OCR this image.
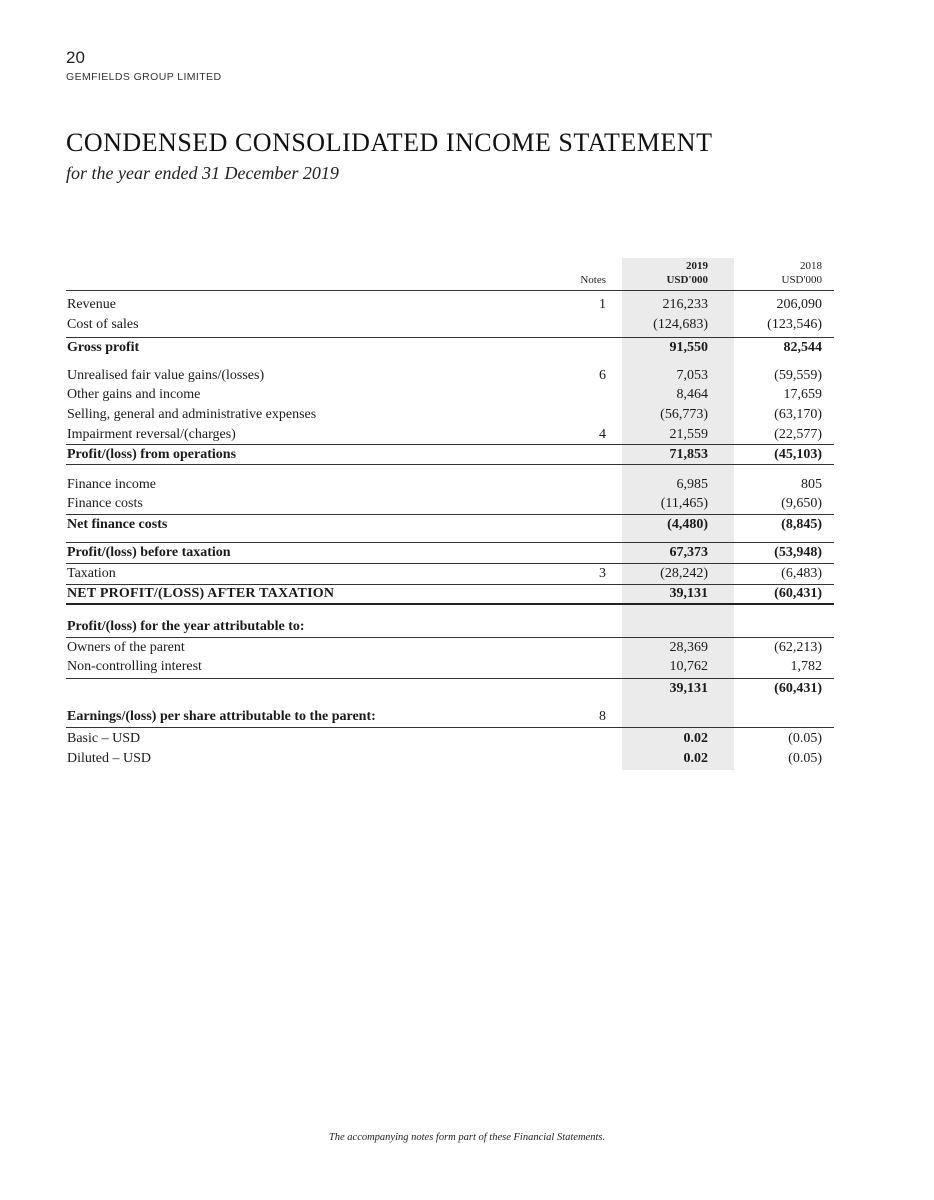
20
GEMFIELDS GROUP LIMITED
CONDENSED CONSOLIDATED INCOME STATEMENT
for the year ended 31 December 2019
Notes
2019
USD'000
2018
USD'000
Revenue	1	216,233	206,090
Cost of sales	(124,683)	(123,546)
Gross profit	91,550	82,544
Unrealised fair value gains/(losses)	6	7,053	(59,559)
Other gains and income	8,464	17,659
Selling, general and administrative expenses	(56,773)	(63,170)
Impairment reversal/(charges)	4	21,559	(22,577)
Profit/(loss) from operations	71,853	(45,103)
Finance income	6,985	805
Finance costs	(11,465)	(9,650)
Net finance costs	(4,480)	(8,845)
Profit/(loss) before taxation	67,373	(53,948)
Taxation	3	(28,242)	(6,483)
NET PROFIT/(LOSS) AFTER TAXATION	39,131	(60,431)
Profit/(loss) for the year attributable to:
Owners of the parent	28,369	(62,213)
Non-controlling interest	10,762	1,782
39,131	(60,431)
Earnings/(loss) per share attributable to the parent:	8
Basic – USD	0.02	(0.05)
Diluted – USD	0.02	(0.05)
The accompanying notes form part of these Financial Statements.
